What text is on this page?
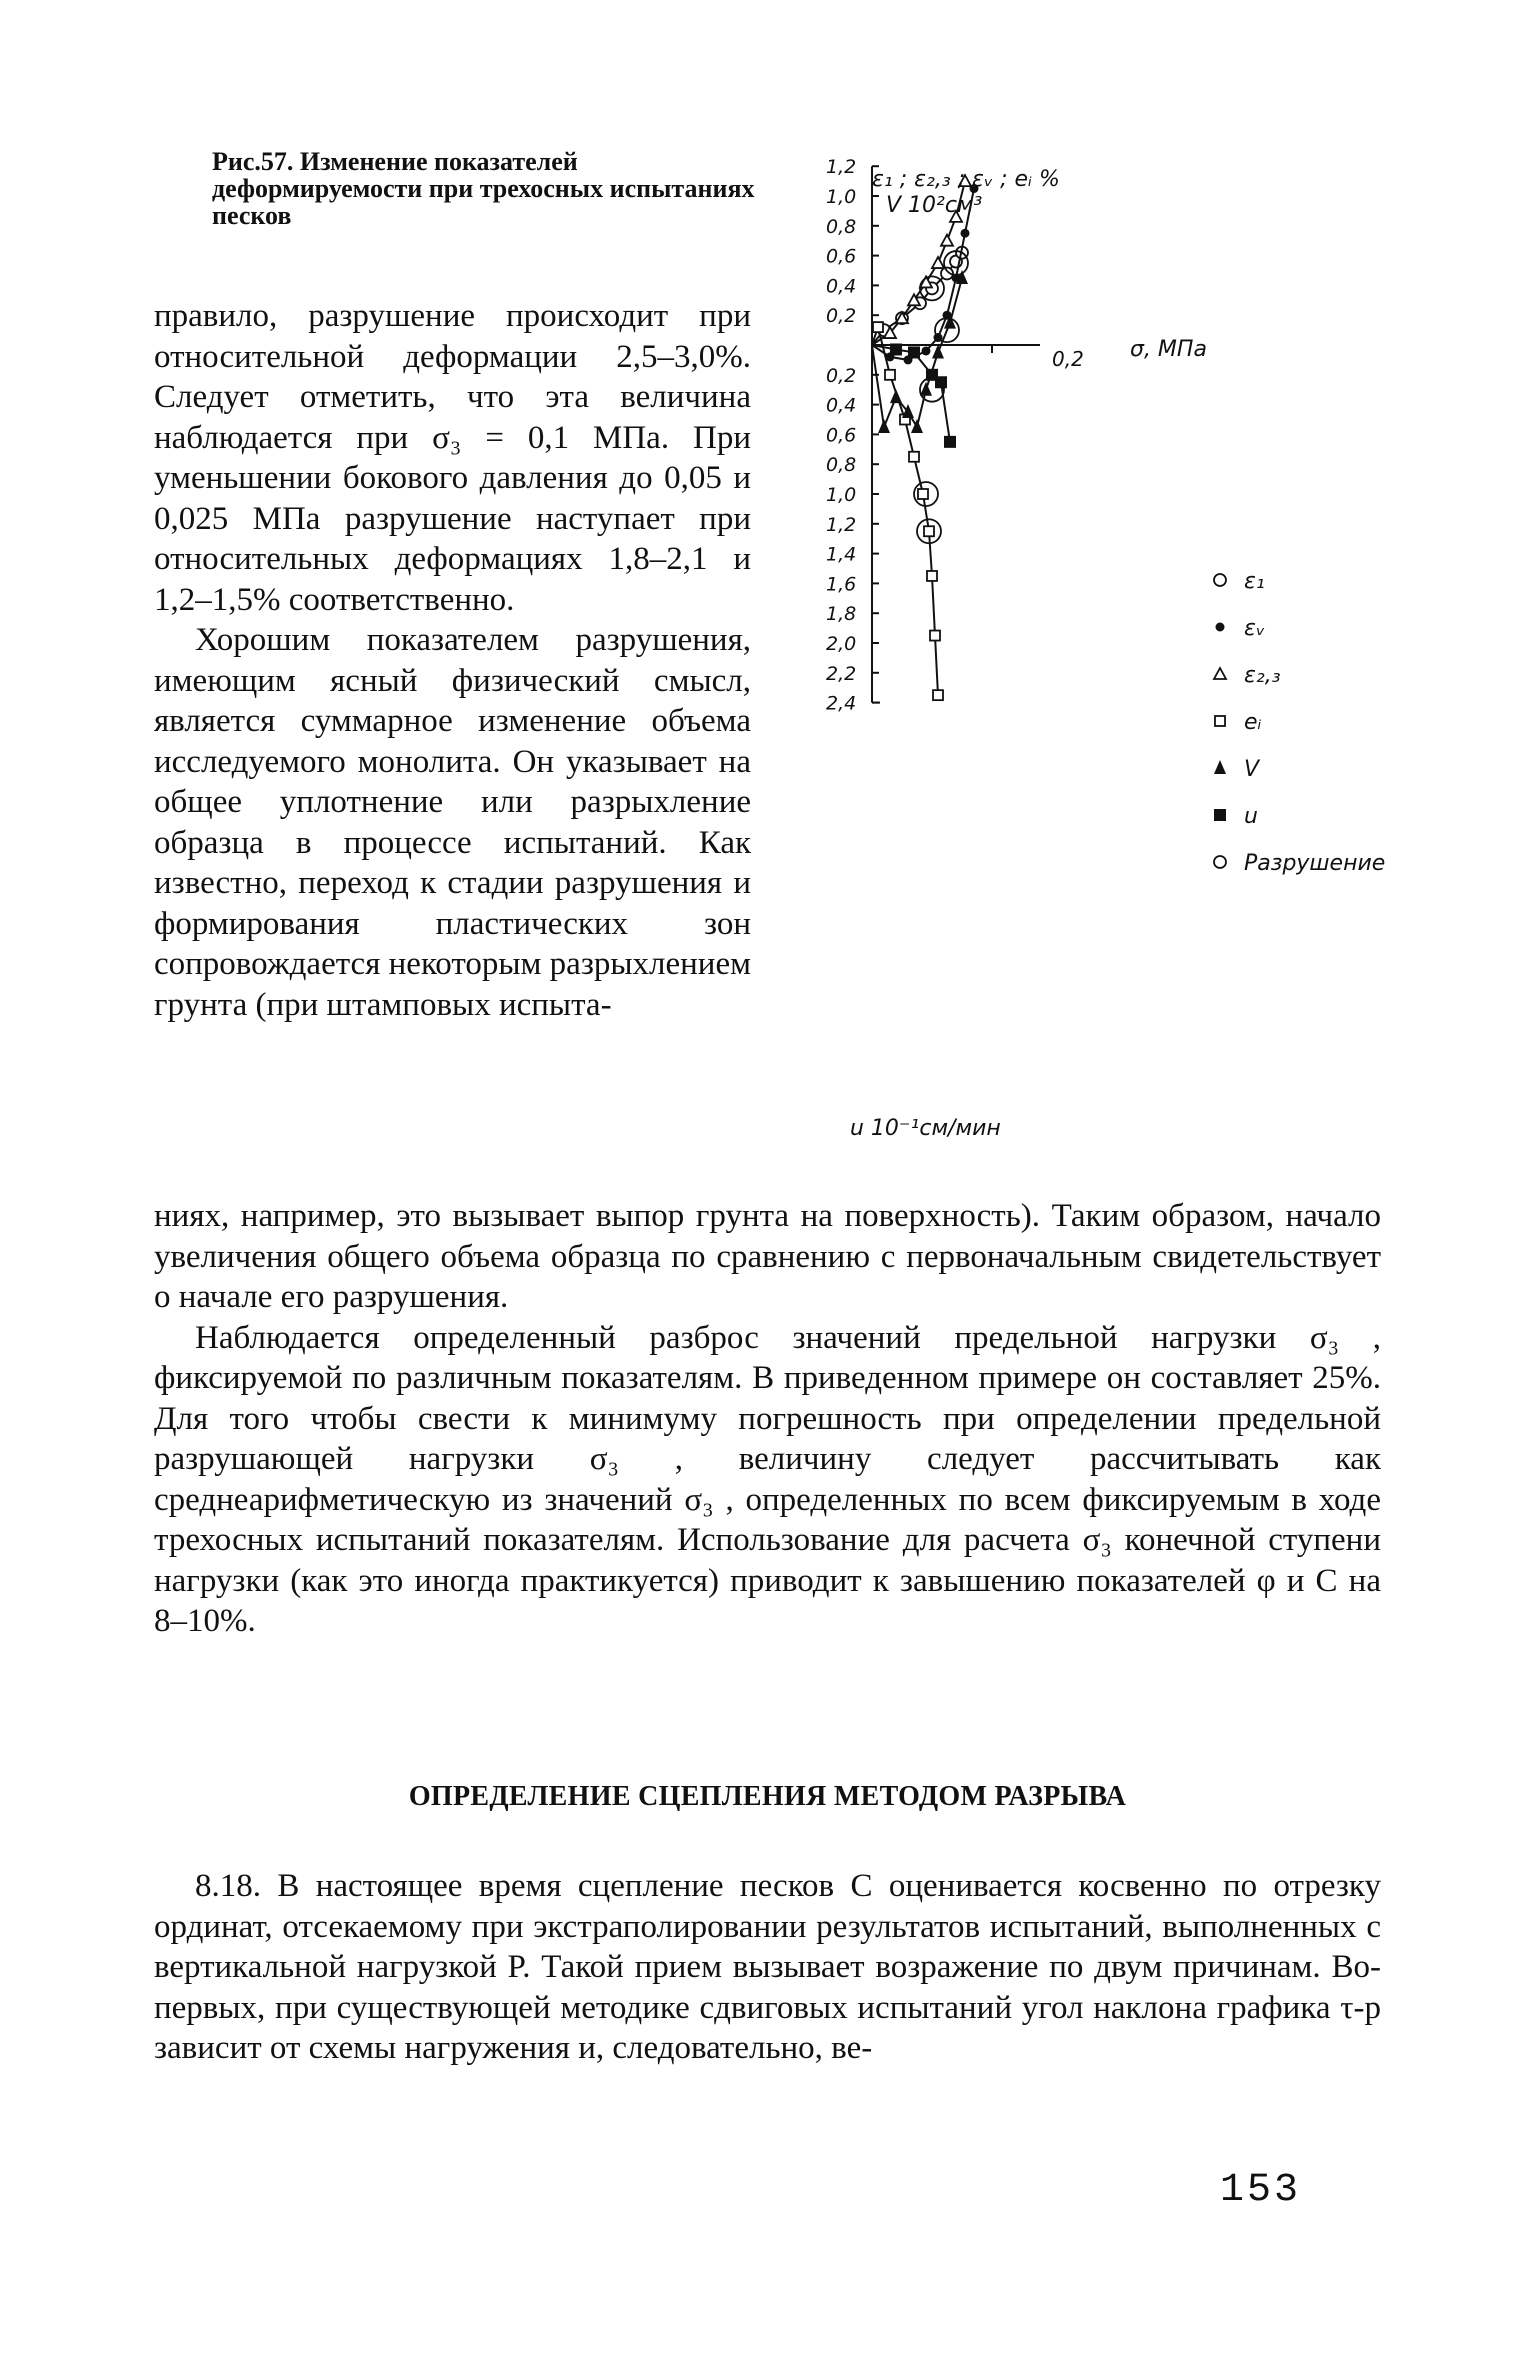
Рис.57. Изменение показателей деформируемости при трехосных испытаниях песков
0,2
0,4
0,6
0,8
1,0
1,2
0,2
0,4
0,6
0,8
1,0
1,2
1,4
1,6
1,8
2,0
2,2
2,4
ε₁
εᵥ
ε₂,₃
eᵢ
V
u
Разрушение
ε₁ ; ε₂,₃ ; εᵥ ; eᵢ %
V 10²см³
σ, МПа
0,2
u 10⁻¹см/мин

правило, разрушение происходит при относительной деформации 2,5–3,0%. Следует отметить, что эта величина наблюдается при σ₃ = 0,1 МПа. При уменьшении бокового давления до 0,05 и 0,025 МПа разрушение наступает при относительных деформациях 1,8–2,1 и 1,2–1,5% соответственно.

Хорошим показателем разрушения, имеющим ясный физический смысл, является суммарное изменение объема исследуемого монолита. Он указывает на общее уплотнение или разрыхление образца в процессе испытаний. Как известно, переход к стадии разрушения и формирования пластических зон сопровождается некоторым разрыхлением грунта (при штамповых испыта-

ниях, например, это вызывает выпор грунта на поверхность). Таким образом, начало увеличения общего объема образца по сравнению с первоначальным свидетельствует о начале его разрушения.

Наблюдается определенный разброс значений предельной нагрузки σ₃ , фиксируемой по различным показателям. В приведенном примере он составляет 25%. Для того чтобы свести к минимуму погрешность при определении предельной разрушающей нагрузки σ₃ , величину следует рассчитывать как среднеарифметическую из значений σ₃ , определенных по всем фиксируемым в ходе трехосных испытаний показателям. Использование для расчета σ₃ конечной ступени нагрузки (как это иногда практикуется) приводит к завышению показателей φ и C на 8–10%.

ОПРЕДЕЛЕНИЕ СЦЕПЛЕНИЯ МЕТОДОМ РАЗРЫВА

8.18. В настоящее время сцепление песков C оценивается косвенно по отрезку ординат, отсекаемому при экстраполировании результатов испытаний, выполненных с вертикальной нагрузкой P. Такой прием вызывает возражение по двум причинам. Во-первых, при существующей методике сдвиговых испытаний угол наклона графика τ-p зависит от схемы нагружения и, следовательно, ве-

153
